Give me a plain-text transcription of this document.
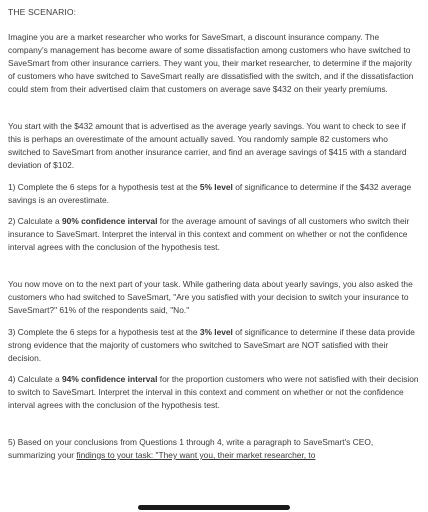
THE SCENARIO:

Imagine you are a market researcher who works for SaveSmart, a discount insurance company. The company's management has become aware of some dissatisfaction among customers who have switched to SaveSmart from other insurance carriers. They want you, their market researcher, to determine if the majority of customers who have switched to SaveSmart really are dissatisfied with the switch, and if the dissatisfaction could stem from their advertised claim that customers on average save $432 on their yearly premiums.

You start with the $432 amount that is advertised as the average yearly savings. You want to check to see if this is perhaps an overestimate of the amount actually saved. You randomly sample 82 customers who switched to SaveSmart from another insurance carrier, and find an average savings of $415 with a standard deviation of $102.

1) Complete the 6 steps for a hypothesis test at the 5% level of significance to determine if the $432 average savings is an overestimate.

2) Calculate a 90% confidence interval for the average amount of savings of all customers who switch their insurance to SaveSmart. Interpret the interval in this context and comment on whether or not the confidence interval agrees with the conclusion of the hypothesis test.

You now move on to the next part of your task. While gathering data about yearly savings, you also asked the customers who had switched to SaveSmart, "Are you satisfied with your decision to switch your insurance to SaveSmart?" 61% of the respondents said, "No."

3) Complete the 6 steps for a hypothesis test at the 3% level of significance to determine if these data provide strong evidence that the majority of customers who switched to SaveSmart are NOT satisfied with their decision.

4) Calculate a 94% confidence interval for the proportion customers who were not satisfied with their decision to switch to SaveSmart. Interpret the interval in this context and comment on whether or not the confidence interval agrees with the conclusion of the hypothesis test.

5) Based on your conclusions from Questions 1 through 4, write a paragraph to SaveSmart's CEO, summarizing your findings to your task: "They want you, their market researcher, to
